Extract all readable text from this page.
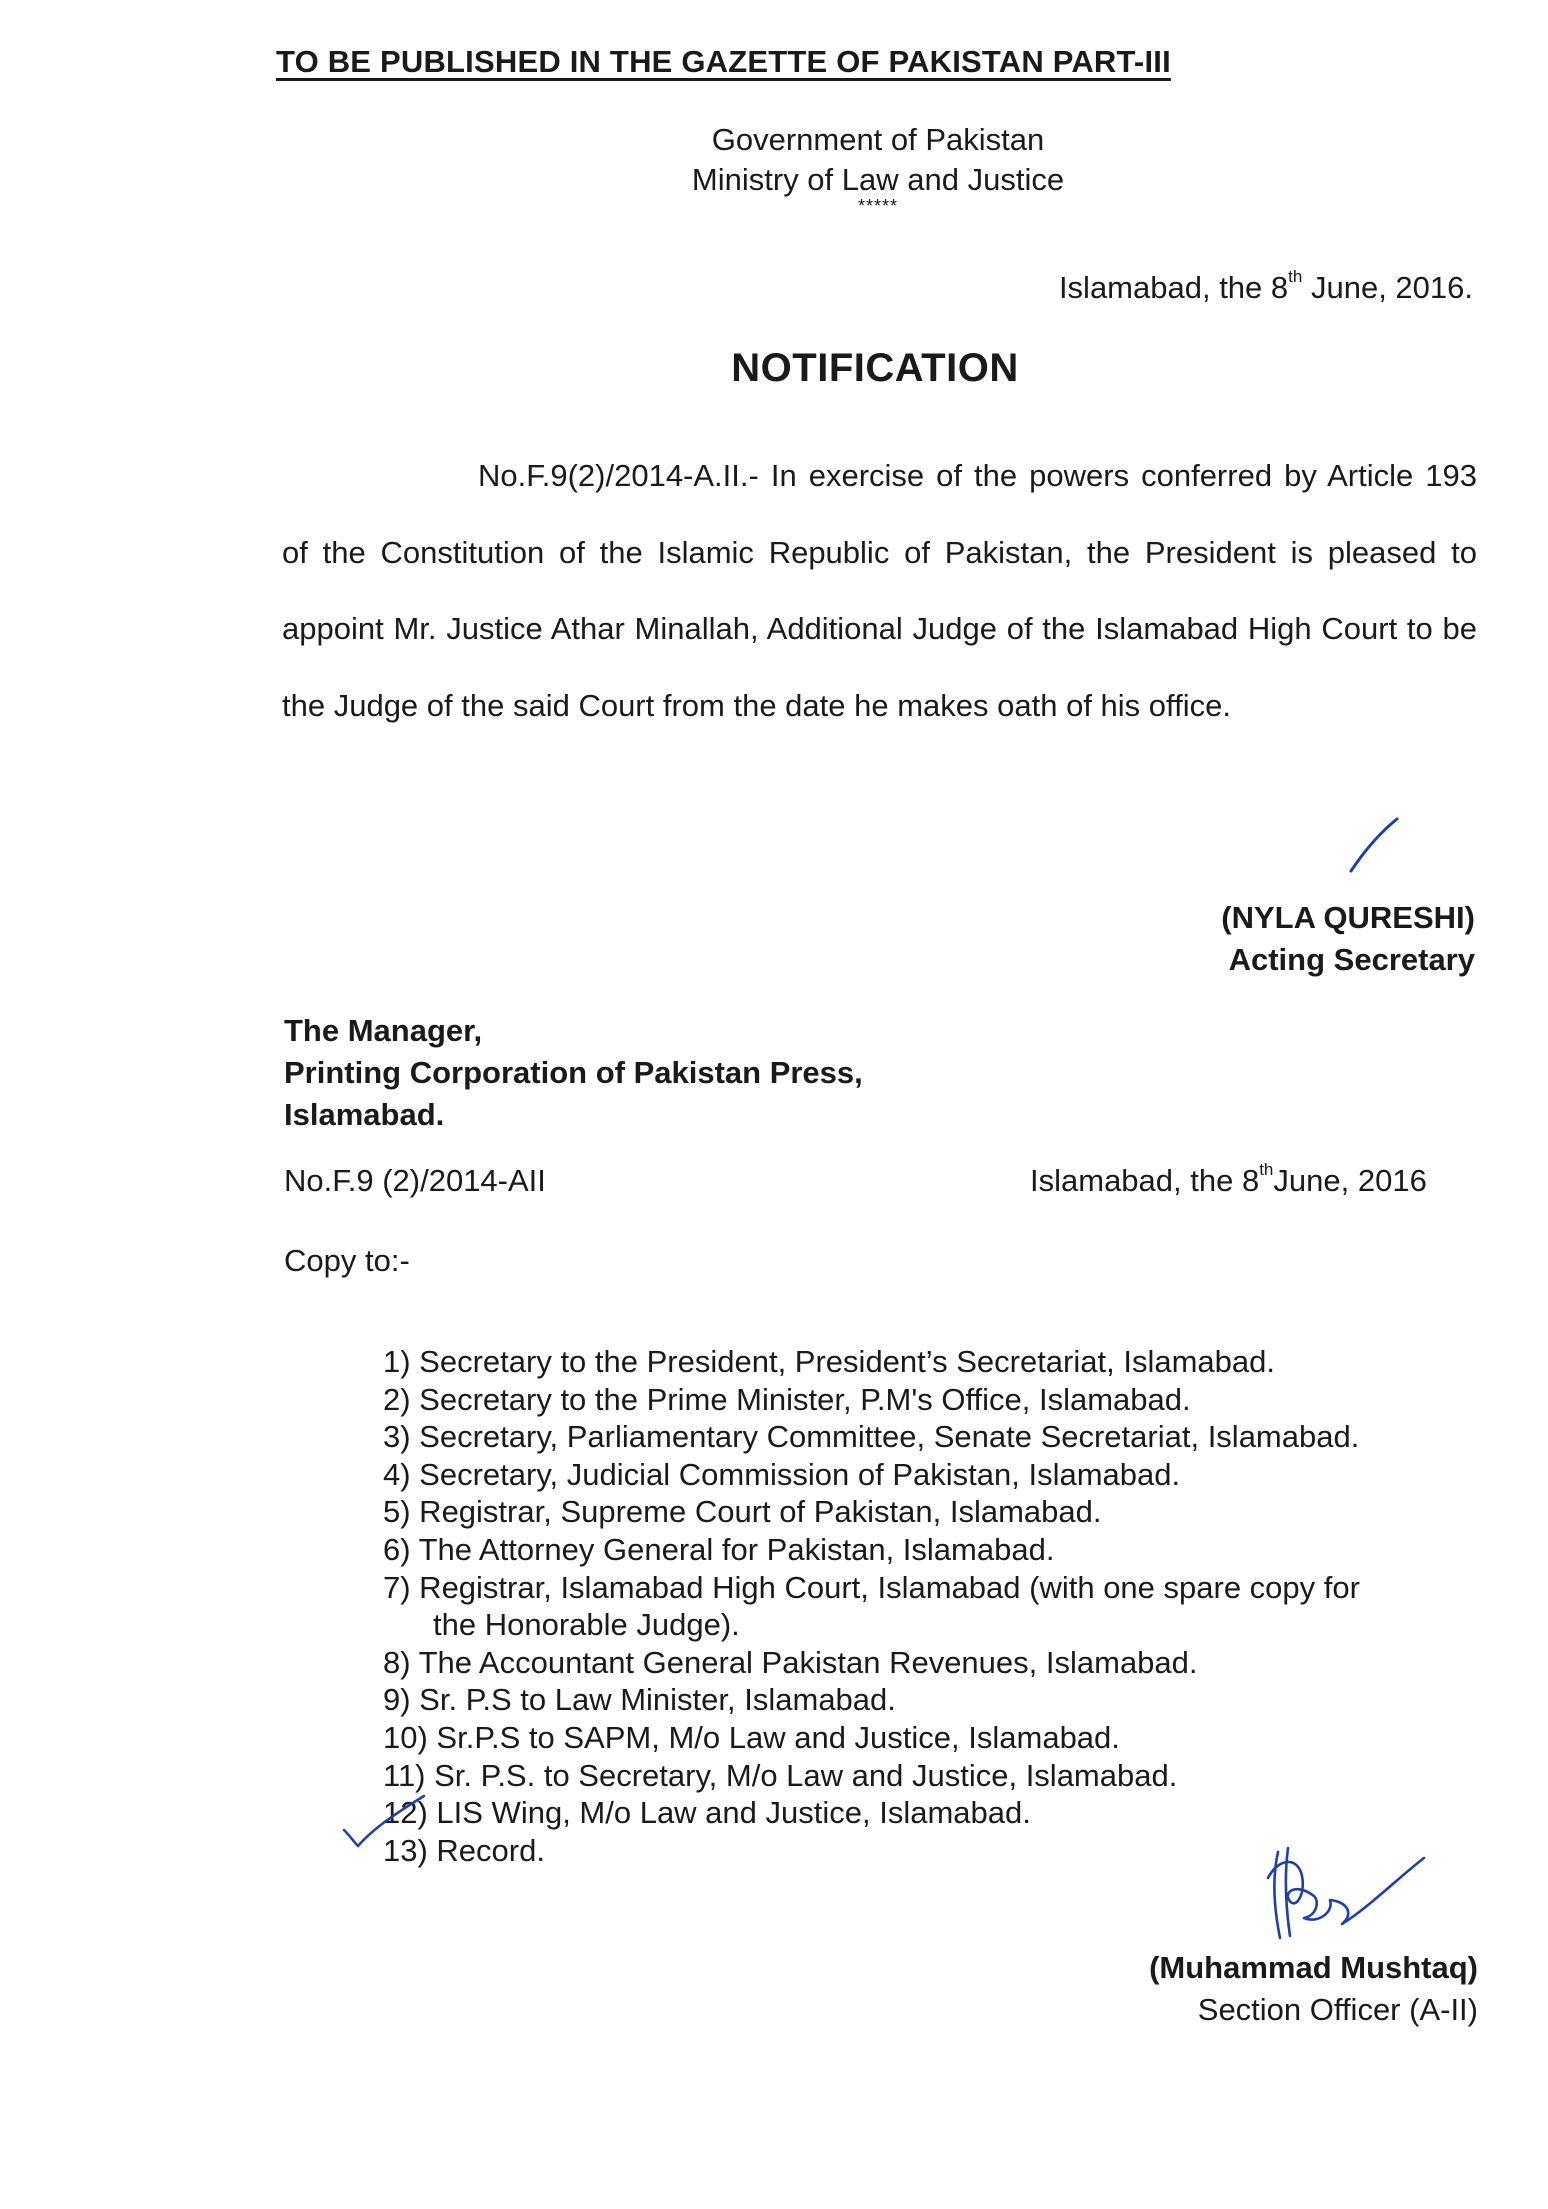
TO BE PUBLISHED IN THE GAZETTE OF PAKISTAN PART-III
Government of Pakistan
Ministry of Law and Justice
*****
Islamabad, the 8th June, 2016.
NOTIFICATION
No.F.9(2)/2014-A.II.- In exercise of the powers conferred by Article 193 of the Constitution of the Islamic Republic of Pakistan, the President is pleased to appoint Mr. Justice Athar Minallah, Additional Judge of the Islamabad High Court to be the Judge of the said Court from the date he makes oath of his office.
(NYLA QURESHI)
Acting Secretary
The Manager,
Printing Corporation of Pakistan Press,
Islamabad.
No.F.9 (2)/2014-AII	Islamabad, the 8thJune, 2016
Copy to:-
1) Secretary to the President, President’s Secretariat, Islamabad.
2) Secretary to the Prime Minister, P.M's Office, Islamabad.
3) Secretary, Parliamentary Committee, Senate Secretariat, Islamabad.
4) Secretary, Judicial Commission of Pakistan, Islamabad.
5) Registrar, Supreme Court of Pakistan, Islamabad.
6) The Attorney General for Pakistan, Islamabad.
7) Registrar, Islamabad High Court, Islamabad (with one spare copy for
the Honorable Judge).
8) The Accountant General Pakistan Revenues, Islamabad.
9) Sr. P.S to Law Minister, Islamabad.
10) Sr.P.S to SAPM, M/o Law and Justice, Islamabad.
11) Sr. P.S. to Secretary, M/o Law and Justice, Islamabad.
12) LIS Wing, M/o Law and Justice, Islamabad.
13) Record.
(Muhammad Mushtaq)
Section Officer (A-II)
